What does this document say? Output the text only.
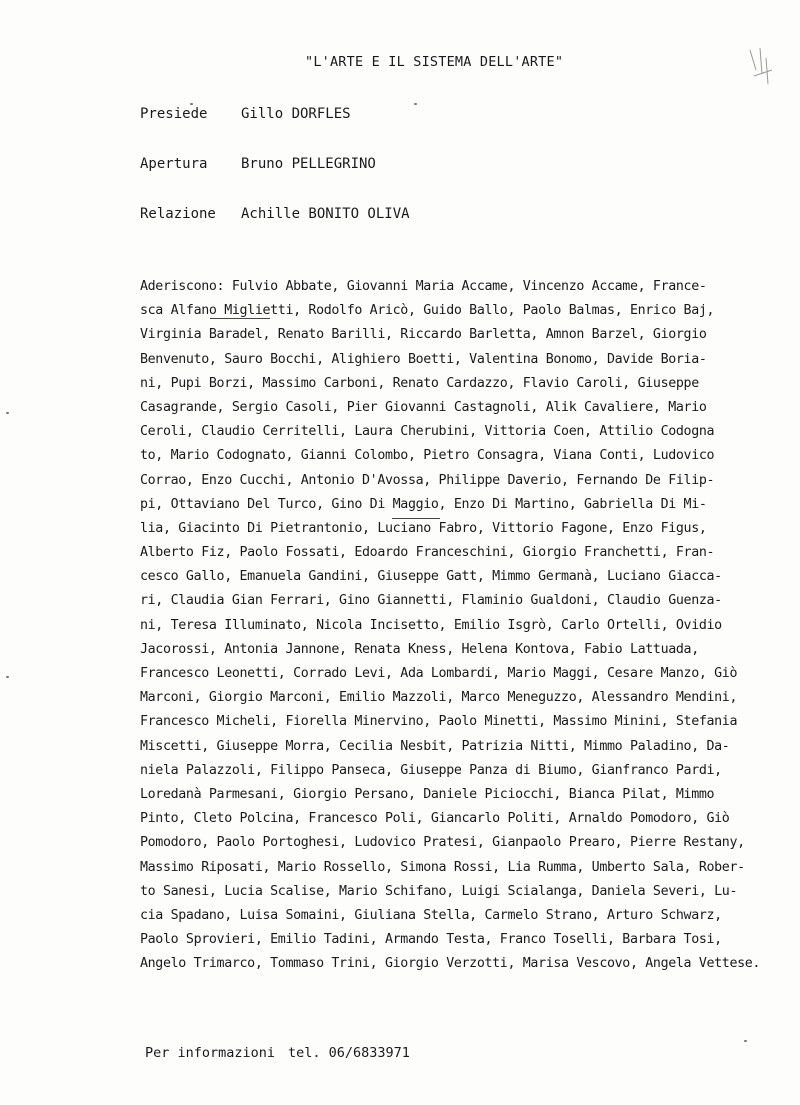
"L'ARTE E IL SISTEMA DELL'ARTE"
Presiede Gillo DORFLES
Apertura Bruno PELLEGRINO
Relazione Achille BONITO OLIVA
Aderiscono: Fulvio Abbate, Giovanni Maria Accame, Vincenzo Accame, France-
sca Alfano Miglietti, Rodolfo Aricò, Guido Ballo, Paolo Balmas, Enrico Baj,
Virginia Baradel, Renato Barilli, Riccardo Barletta, Amnon Barzel, Giorgio
Benvenuto, Sauro Bocchi, Alighiero Boetti, Valentina Bonomo, Davide Boria-
ni, Pupi Borzi, Massimo Carboni, Renato Cardazzo, Flavio Caroli, Giuseppe
Casagrande, Sergio Casoli, Pier Giovanni Castagnoli, Alik Cavaliere, Mario
Ceroli, Claudio Cerritelli, Laura Cherubini, Vittoria Coen, Attilio Codogna
to, Mario Codognato, Gianni Colombo, Pietro Consagra, Viana Conti, Ludovico
Corrao, Enzo Cucchi, Antonio D'Avossa, Philippe Daverio, Fernando De Filip-
pi, Ottaviano Del Turco, Gino Di Maggio, Enzo Di Martino, Gabriella Di Mi-
lia, Giacinto Di Pietrantonio, Luciano Fabro, Vittorio Fagone, Enzo Figus,
Alberto Fiz, Paolo Fossati, Edoardo Franceschini, Giorgio Franchetti, Fran-
cesco Gallo, Emanuela Gandini, Giuseppe Gatt, Mimmo Germanà, Luciano Giacca-
ri, Claudia Gian Ferrari, Gino Giannetti, Flaminio Gualdoni, Claudio Guenza-
ni, Teresa Illuminato, Nicola Incisetto, Emilio Isgrò, Carlo Ortelli, Ovidio
Jacorossi, Antonia Jannone, Renata Kness, Helena Kontova, Fabio Lattuada,
Francesco Leonetti, Corrado Levi, Ada Lombardi, Mario Maggi, Cesare Manzo, Giò
Marconi, Giorgio Marconi, Emilio Mazzoli, Marco Meneguzzo, Alessandro Mendini,
Francesco Micheli, Fiorella Minervino, Paolo Minetti, Massimo Minini, Stefania
Miscetti, Giuseppe Morra, Cecilia Nesbit, Patrizia Nitti, Mimmo Paladino, Da-
niela Palazzoli, Filippo Panseca, Giuseppe Panza di Biumo, Gianfranco Pardi,
Loredanà Parmesani, Giorgio Persano, Daniele Piciocchi, Bianca Pilat, Mimmo
Pinto, Cleto Polcina, Francesco Poli, Giancarlo Politi, Arnaldo Pomodoro, Giò
Pomodoro, Paolo Portoghesi, Ludovico Pratesi, Gianpaolo Prearo, Pierre Restany,
Massimo Riposati, Mario Rossello, Simona Rossi, Lia Rumma, Umberto Sala, Rober-
to Sanesi, Lucia Scalise, Mario Schifano, Luigi Scialanga, Daniela Severi, Lu-
cia Spadano, Luisa Somaini, Giuliana Stella, Carmelo Strano, Arturo Schwarz,
Paolo Sprovieri, Emilio Tadini, Armando Testa, Franco Toselli, Barbara Tosi,
Angelo Trimarco, Tommaso Trini, Giorgio Verzotti, Marisa Vescovo, Angela Vettese.
Per informazioni tel. 06/6833971
